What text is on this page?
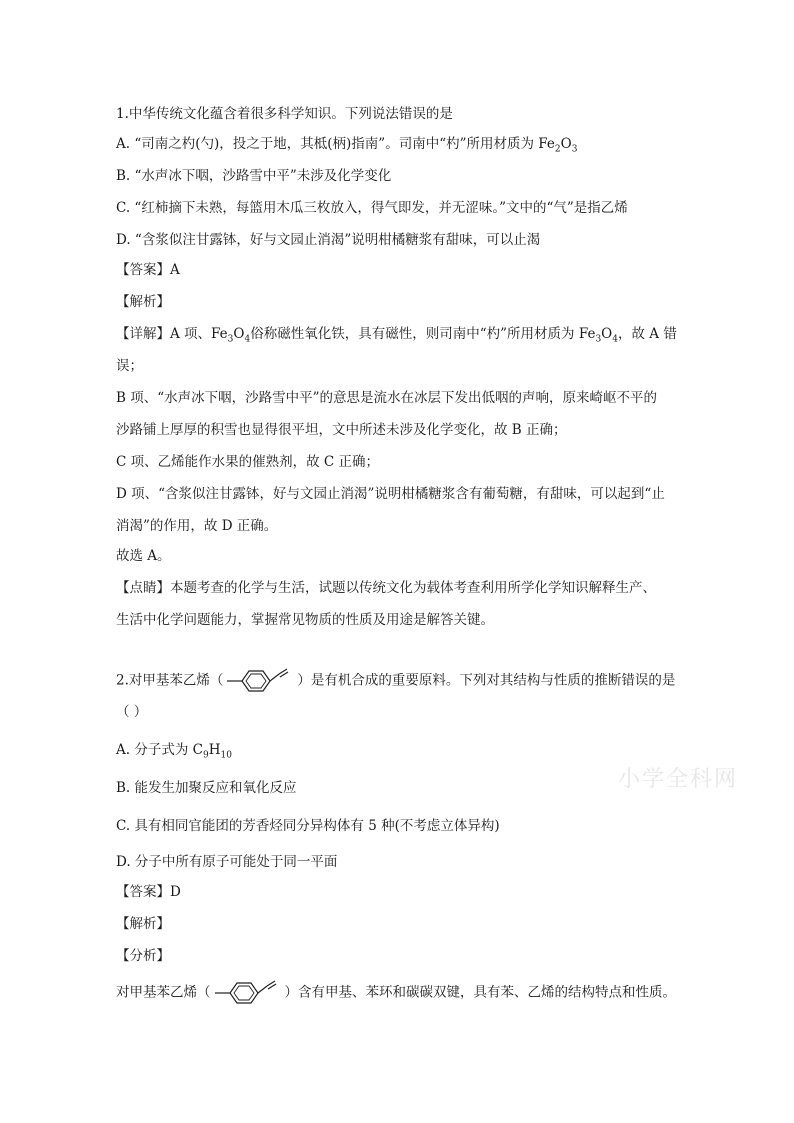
1.中华传统文化蕴含着很多科学知识。下列说法错误的是
A. “司南之杓(勺)，投之于地，其柢(柄)指南”。司南中“杓”所用材质为 $Fe_2O_3$
B. “水声冰下咽，沙路雪中平”未涉及化学变化
C. “红柿摘下未熟，每篮用木瓜三枚放入，得气即发，并无涩味。”文中的“气”是指乙烯
D. “含浆似注甘露钵，好与文园止消渴”说明柑橘糖浆有甜味，可以止渴
【答案】A
【解析】
【详解】A 项、$Fe_3O_4$俗称磁性氧化铁，具有磁性，则司南中“杓”所用材质为 $Fe_3O_4$，故 A 错
误；
B 项、“水声冰下咽，沙路雪中平”的意思是流水在冰层下发出低咽的声响，原来崎岖不平的
沙路铺上厚厚的积雪也显得很平坦，文中所述未涉及化学变化，故 B 正确；
C 项、乙烯能作水果的催熟剂，故 C 正确；
D 项、“含浆似注甘露钵，好与文园止消渴”说明柑橘糖浆含有葡萄糖，有甜味，可以起到“止
消渴”的作用，故 D 正确。
故选 A。
【点睛】本题考查的化学与生活，试题以传统文化为载体考查利用所学化学知识解释生产、
生活中化学问题能力，掌握常见物质的性质及用途是解答关键。
2.对甲基苯乙烯（	）是有机合成的重要原料。下列对其结构与性质的推断错误的是
（ ）
A. 分子式为 $C_9H_{10}$
B. 能发生加聚反应和氧化反应
C. 具有相同官能团的芳香烃同分异构体有 5 种(不考虑立体异构)
D. 分子中所有原子可能处于同一平面
【答案】D
【解析】
【分析】
对甲基苯乙烯（	）含有甲基、苯环和碳碳双键，具有苯、乙烯的结构特点和性质。
小学全科网
